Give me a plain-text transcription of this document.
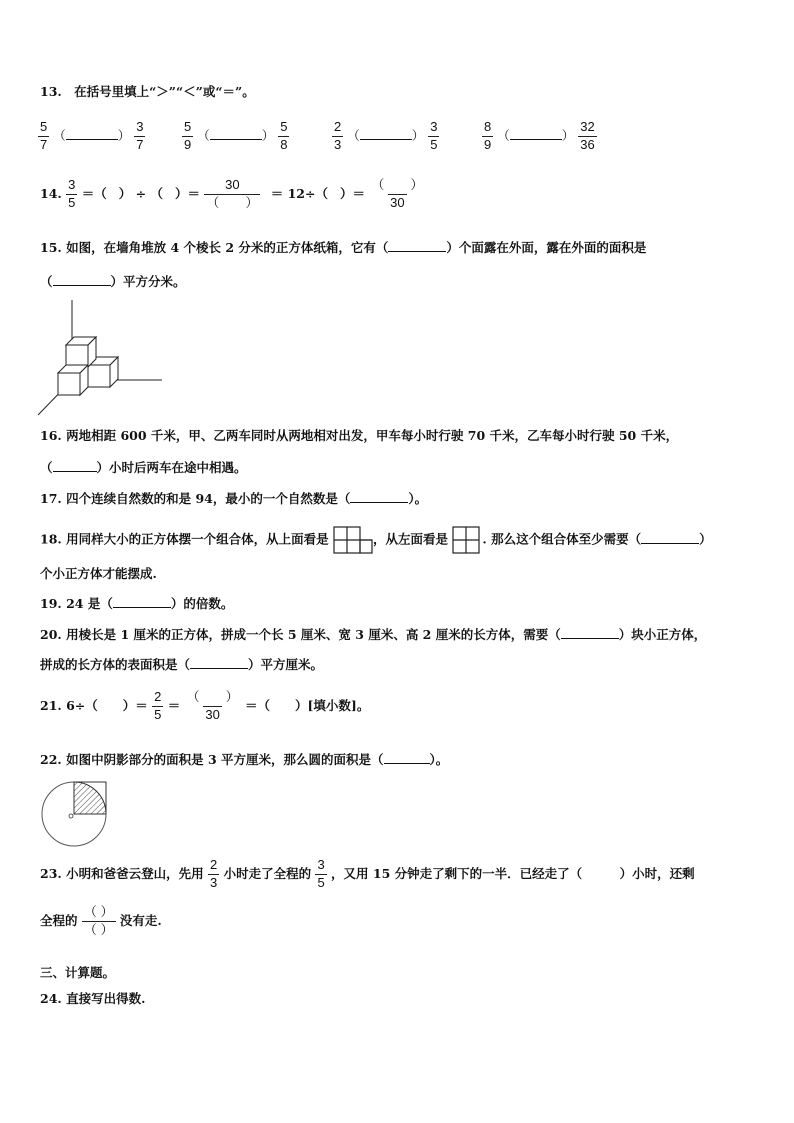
13. 在括号里填上“＞”“＜”或“＝”。
$\frac{5}{7}$ （	） $\frac{3}{7}$	$\frac{5}{9}$ （	） $\frac{5}{8}$	$\frac{2}{3}$ （	） $\frac{3}{5}$	$\frac{8}{9}$ （	） $\frac{32}{36}$
14. $\frac{3}{5}$ ＝（ ） ÷ （ ）＝ $\frac{30}{( )} = 12\div$（ ）＝ $\frac{( )}{30}$
15. 如图，在墙角堆放 4 个棱长 2 分米的正方体纸箱，它有（	）个面露在外面，露在外面的面积是
（	）平方分米。
16. 两地相距 600 千米，甲、乙两车同时从两地相对出发，甲车每小时行驶 70 千米，乙车每小时行驶 50 千米，
（	）小时后两车在途中相遇。
17. 四个连续自然数的和是 94，最小的一个自然数是（	）。
18. 用同样大小的正方体摆一个组合体，从上面看是	，从左面看是	. 那么这个组合体至少需要（	）
个小正方体才能摆成.
19. 24 是（	）的倍数。
20. 用棱长是 1 厘米的正方体，拼成一个长 5 厘米、宽 3 厘米、高 2 厘米的长方体，需要（	）块小正方体，
拼成的长方体的表面积是（	）平方厘米。
21. 6÷（　　）＝ $\frac{2}{5} = \frac{( )}{30}$ ＝（　　）[填小数]。
22. 如图中阴影部分的面积是 3 平方厘米，那么圆的面积是（	）。
23. 小明和爸爸云登山，先用 $\frac{2}{3}$ 小时走了全程的 $\frac{3}{5}$ ，又用 15 分钟走了剩下的一半．已经走了（　　　）小时，还剩
全程的 $\frac{( )}{( )}$ 没有走.
三、计算题。
24. 直接写出得数.
